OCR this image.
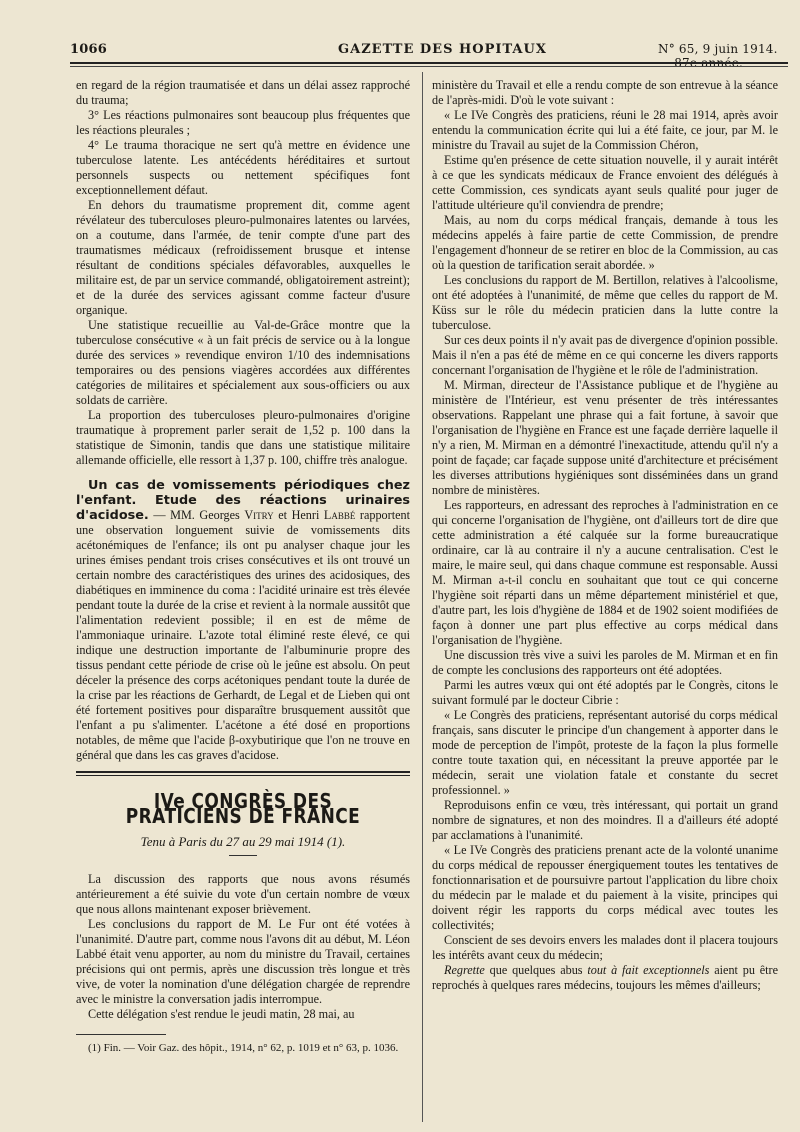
1066	GAZETTE DES HOPITAUX	N° 65, 9 juin 1914. — 87e année.

en regard de la région traumatisée et dans un délai assez rapproché du trauma;

3° Les réactions pulmonaires sont beaucoup plus fréquentes que les réactions pleurales ;

4° Le trauma thoracique ne sert qu'à mettre en évidence une tuberculose latente. Les antécédents héréditaires et surtout personnels suspects ou nettement spécifiques font exceptionnellement défaut.

En dehors du traumatisme proprement dit, comme agent révélateur des tuberculoses pleuro-pulmonaires latentes ou larvées, on a coutume, dans l'armée, de tenir compte d'une part des traumatismes médicaux (refroidissement brusque et intense résultant de conditions spéciales défavorables, auxquelles le militaire est, de par un service commandé, obligatoirement astreint); et de la durée des services agissant comme facteur d'usure organique.

Une statistique recueillie au Val-de-Grâce montre que la tuberculose consécutive « à un fait précis de service ou à la longue durée des services » revendique environ 1/10 des indemnisations temporaires ou des pensions viagères accordées aux différentes catégories de militaires et spécialement aux sous-officiers ou aux soldats de carrière.

La proportion des tuberculoses pleuro-pulmonaires d'origine traumatique à proprement parler serait de 1,52 p. 100 dans la statistique de Simonin, tandis que dans une statistique militaire allemande officielle, elle ressort à 1,37 p. 100, chiffre très analogue.

Un cas de vomissements périodiques chez l'enfant. Etude des réactions urinaires d'acidose. — MM. Georges Vitry et Henri Labbé rapportent une observation longuement suivie de vomissements dits acétonémiques de l'enfance; ils ont pu analyser chaque jour les urines émises pendant trois crises consécutives et ils ont trouvé un certain nombre des caractéristiques des urines des acidosiques, des diabétiques en imminence du coma : l'acidité urinaire est très élevée pendant toute la durée de la crise et revient à la normale aussitôt que l'alimentation redevient possible; il en est de même de l'ammoniaque urinaire. L'azote total éliminé reste élevé, ce qui indique une destruction importante de l'albuminurie propre des tissus pendant cette période de crise où le jeûne est absolu. On peut déceler la présence des corps acétoniques pendant toute la durée de la crise par les réactions de Gerhardt, de Legal et de Lieben qui ont été fortement positives pour disparaître brusquement aussitôt que l'enfant a pu s'alimenter. L'acétone a été dosé en proportions notables, de même que l'acide β-oxybutirique que l'on ne trouve en général que dans les cas graves d'acidose.
IVe CONGRÈS DES PRATICIENS DE FRANCE
Tenu à Paris du 27 au 29 mai 1914 (1).

La discussion des rapports que nous avons résumés antérieurement a été suivie du vote d'un certain nombre de vœux que nous allons maintenant exposer brièvement.

Les conclusions du rapport de M. Le Fur ont été votées à l'unanimité. D'autre part, comme nous l'avons dit au début, M. Léon Labbé était venu apporter, au nom du ministre du Travail, certaines précisions qui ont permis, après une discussion très longue et très vive, de voter la nomination d'une délégation chargée de reprendre avec le ministre la conversation jadis interrompue.

Cette délégation s'est rendue le jeudi matin, 28 mai, au

(1) Fin. — Voir Gaz. des hôpit., 1914, n° 62, p. 1019 et n° 63, p. 1036.

ministère du Travail et elle a rendu compte de son entrevue à la séance de l'après-midi. D'où le vote suivant :

« Le IVe Congrès des praticiens, réuni le 28 mai 1914, après avoir entendu la communication écrite qui lui a été faite, ce jour, par M. le ministre du Travail au sujet de la Commission Chéron,

Estime qu'en présence de cette situation nouvelle, il y aurait intérêt à ce que les syndicats médicaux de France envoient des délégués à cette Commission, ces syndicats ayant seuls qualité pour juger de l'attitude ultérieure qu'il conviendra de prendre;

Mais, au nom du corps médical français, demande à tous les médecins appelés à faire partie de cette Commission, de prendre l'engagement d'honneur de se retirer en bloc de la Commission, au cas où la question de tarification serait abordée. »

Les conclusions du rapport de M. Bertillon, relatives à l'alcoolisme, ont été adoptées à l'unanimité, de même que celles du rapport de M. Küss sur le rôle du médecin praticien dans la lutte contre la tuberculose.

Sur ces deux points il n'y avait pas de divergence d'opinion possible. Mais il n'en a pas été de même en ce qui concerne les divers rapports concernant l'organisation de l'hygiène et le rôle de l'administration.

M. Mirman, directeur de l'Assistance publique et de l'hygiène au ministère de l'Intérieur, est venu présenter de très intéressantes observations. Rappelant une phrase qui a fait fortune, à savoir que l'organisation de l'hygiène en France est une façade derrière laquelle il n'y a rien, M. Mirman en a démontré l'inexactitude, attendu qu'il n'y a point de façade; car façade suppose unité d'architecture et précisément les diverses attributions hygiéniques sont disséminées dans un grand nombre de ministères.

Les rapporteurs, en adressant des reproches à l'administration en ce qui concerne l'organisation de l'hygiène, ont d'ailleurs tort de dire que cette administration a été calquée sur la forme bureaucratique ordinaire, car là au contraire il n'y a aucune centralisation. C'est le maire, le maire seul, qui dans chaque commune est responsable. Aussi M. Mirman a-t-il conclu en souhaitant que tout ce qui concerne l'hygiène soit réparti dans un même département ministériel et que, d'autre part, les lois d'hygiène de 1884 et de 1902 soient modifiées de façon à donner une part plus effective au corps médical dans l'organisation de l'hygiène.

Une discussion très vive a suivi les paroles de M. Mirman et en fin de compte les conclusions des rapporteurs ont été adoptées.

Parmi les autres vœux qui ont été adoptés par le Congrès, citons le suivant formulé par le docteur Cibrie :

« Le Congrès des praticiens, représentant autorisé du corps médical français, sans discuter le principe d'un changement à apporter dans le mode de perception de l'impôt, proteste de la façon la plus formelle contre toute taxation qui, en nécessitant la preuve apportée par le médecin, serait une violation fatale et constante du secret professionnel. »

Reproduisons enfin ce vœu, très intéressant, qui portait un grand nombre de signatures, et non des moindres. Il a d'ailleurs été adopté par acclamations à l'unanimité.

« Le IVe Congrès des praticiens prenant acte de la volonté unanime du corps médical de repousser énergiquement toutes les tentatives de fonctionnarisation et de poursuivre partout l'application du libre choix du médecin par le malade et du paiement à la visite, principes qui doivent régir les rapports du corps médical avec toutes les collectivités;

Conscient de ses devoirs envers les malades dont il placera toujours les intérêts avant ceux du médecin;

Regrette que quelques abus tout à fait exceptionnels aient pu être reprochés à quelques rares médecins, toujours les mêmes d'ailleurs;
